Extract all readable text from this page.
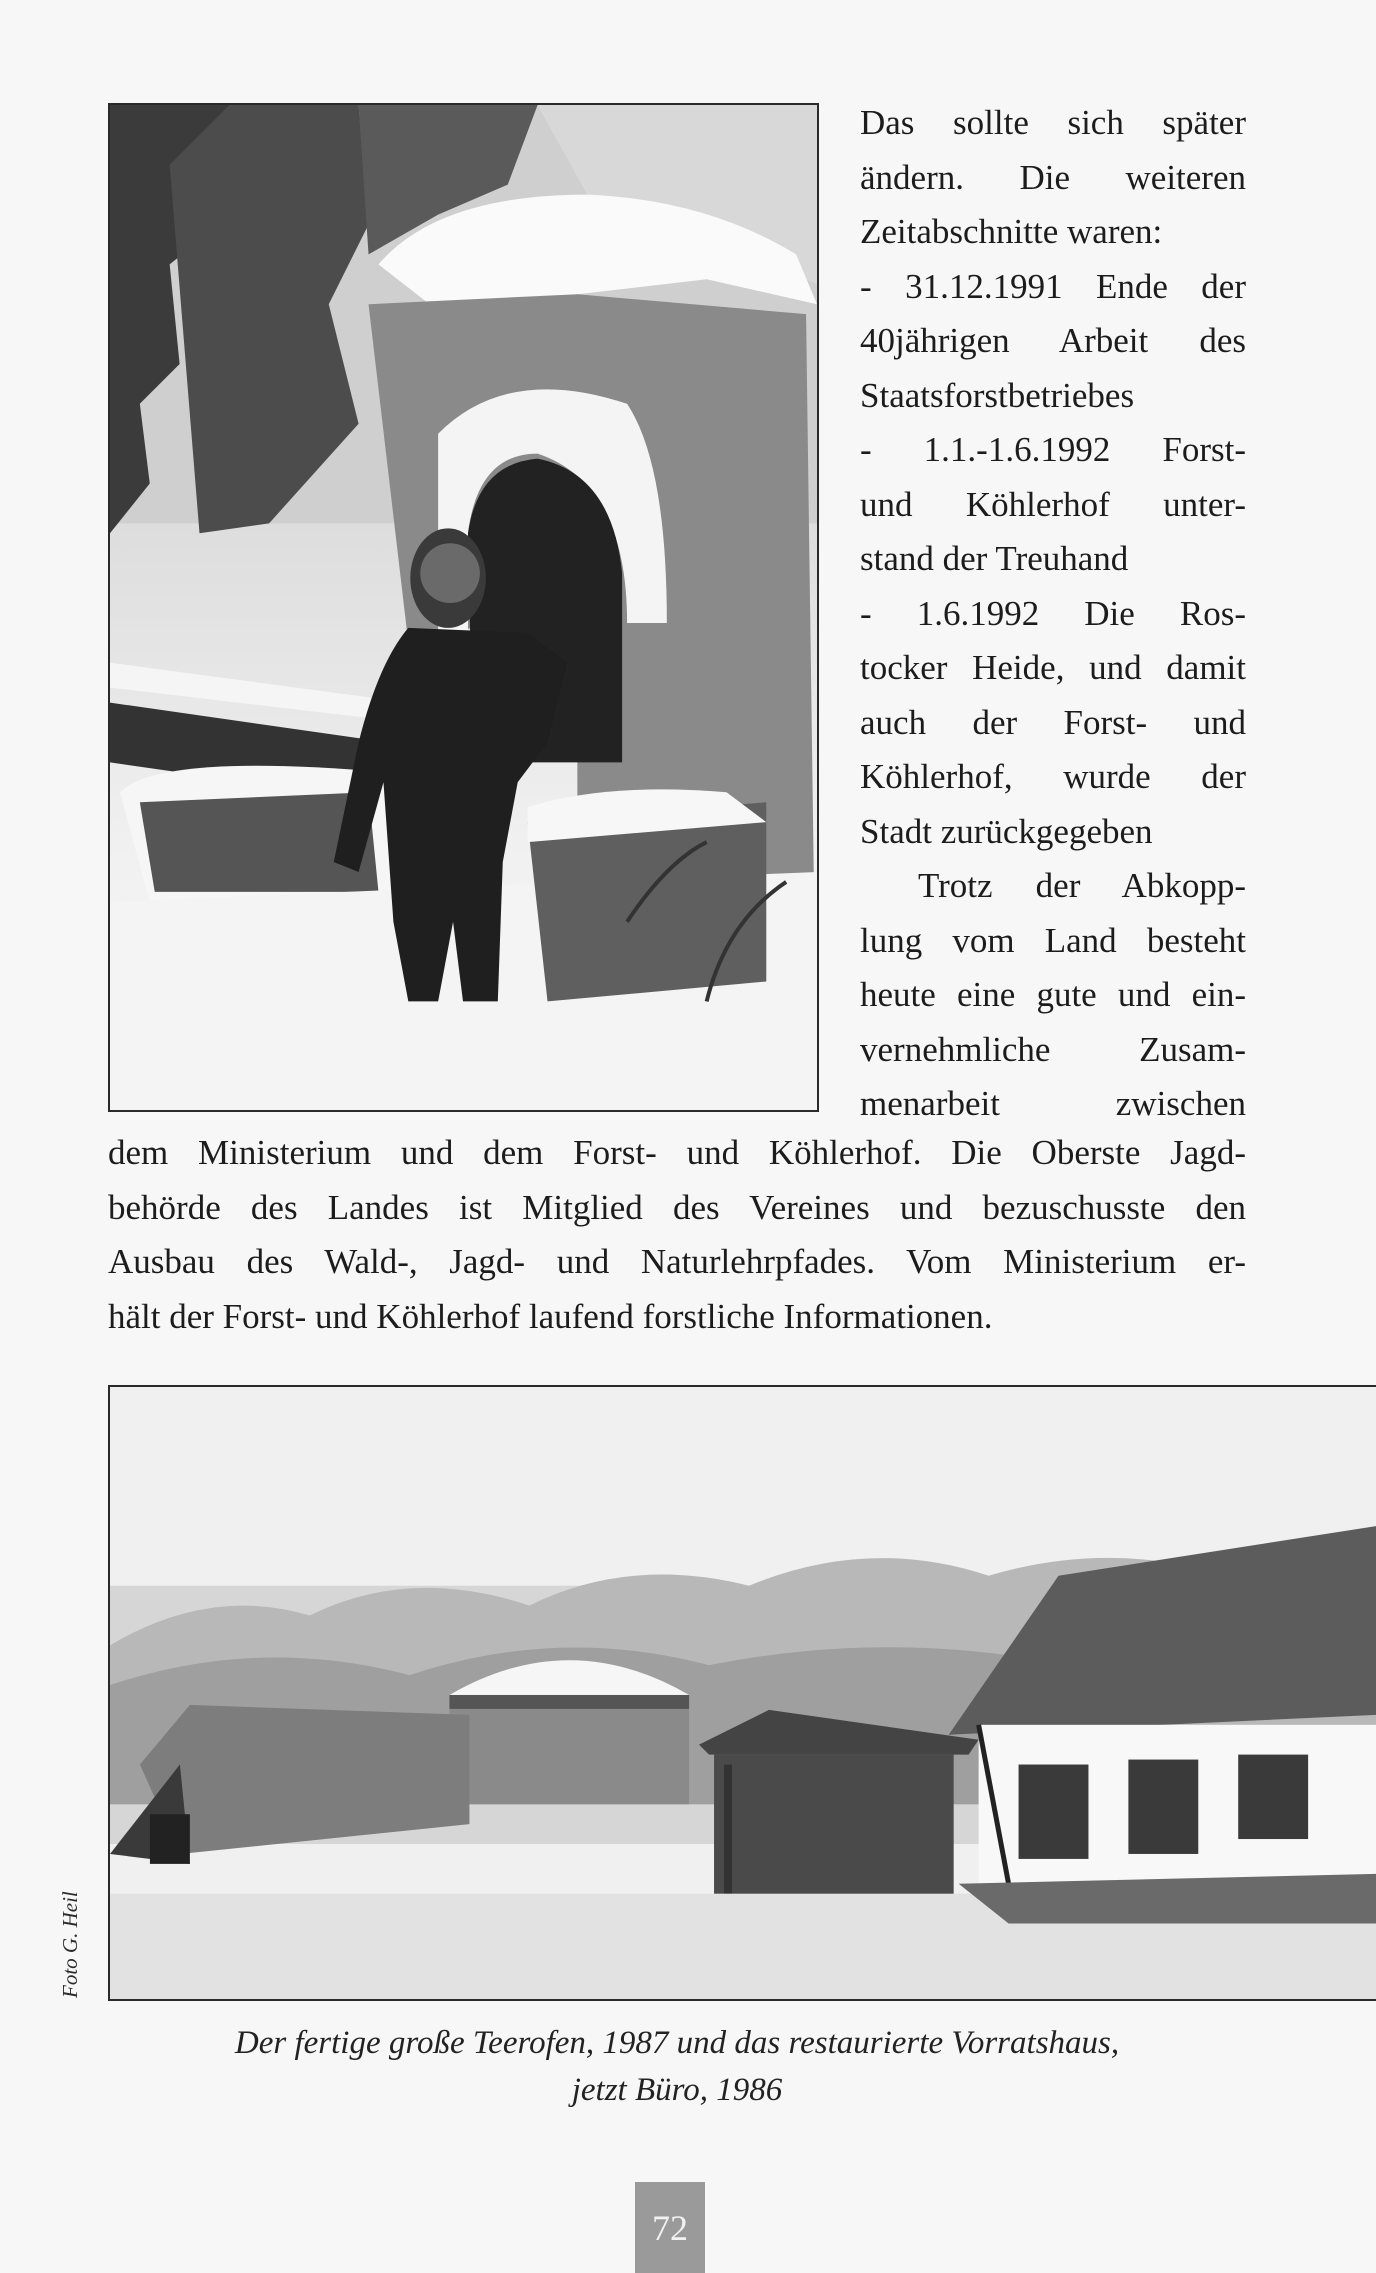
Das sollte sich später
ändern. Die weiteren
Zeitabschnitte waren:
- 31.12.1991 Ende der
40jährigen Arbeit des
Staatsforstbetriebes
- 1.1.-1.6.1992 Forst-
und Köhlerhof unter-
stand der Treuhand
- 1.6.1992 Die Ros-
tocker Heide, und damit
auch der Forst- und
Köhlerhof, wurde der
Stadt zurückgegeben
Trotz der Abkopp-
lung vom Land besteht
heute eine gute und ein-
vernehmliche Zusam-
menarbeit zwischen
dem Ministerium und dem Forst- und Köhlerhof. Die Oberste Jagd-
behörde des Landes ist Mitglied des Vereines und bezuschusste den
Ausbau des Wald-, Jagd- und Naturlehrpfades. Vom Ministerium er-
hält der Forst- und Köhlerhof laufend forstliche Informationen.
Foto G. Heil
Der fertige große Teerofen, 1987 und das restaurierte Vorratshaus,
jetzt Büro, 1986
72
